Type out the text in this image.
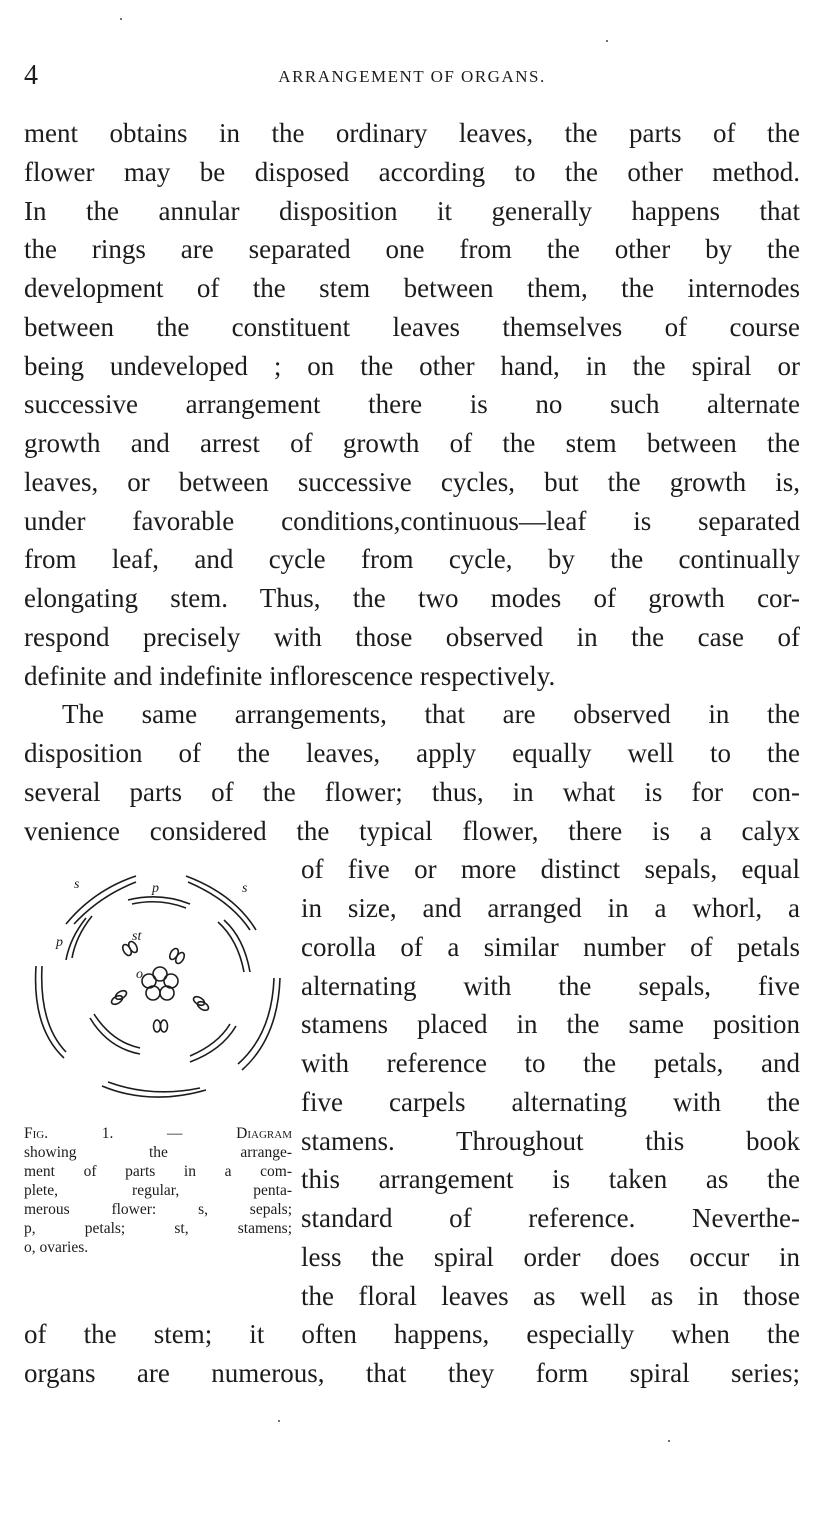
4	ARRANGEMENT OF ORGANS.
ment obtains in the ordinary leaves, the parts of the
flower may be disposed according to the other method.
In the annular disposition it generally happens that
the rings are separated one from the other by the
development of the stem between them, the internodes
between the constituent leaves themselves of course
being undeveloped ; on the other hand, in the spiral or
successive arrangement there is no such alternate
growth and arrest of growth of the stem between the
leaves, or between successive cycles, but the growth is,
under favorable conditions,continuous—leaf is separated
from leaf, and cycle from cycle, by the continually
elongating stem. Thus, the two modes of growth cor-
respond precisely with those observed in the case of
definite and indefinite inflorescence respectively.
The same arrangements, that are observed in the
disposition of the leaves, apply equally well to the
several parts of the flower; thus, in what is for con-
venience considered the typical flower, there is a calyx
of five or more distinct sepals, equal
in size, and arranged in a whorl, a
corolla of a similar number of petals
alternating with the sepals, five
stamens placed in the same position
with reference to the petals, and
five carpels alternating with the
stamens. Throughout this book
this arrangement is taken as the
standard of reference. Neverthe-
less the spiral order does occur in
the floral leaves as well as in those
of the stem; it often happens, especially when the
organs are numerous, that they form spiral series;
s	s
p
p	st
o
Fig. 1. — Diagram
showing the arrange-
ment of parts in a com-
plete, regular, penta-
merous flower: s, sepals;
p, petals; st, stamens;
o, ovaries.
